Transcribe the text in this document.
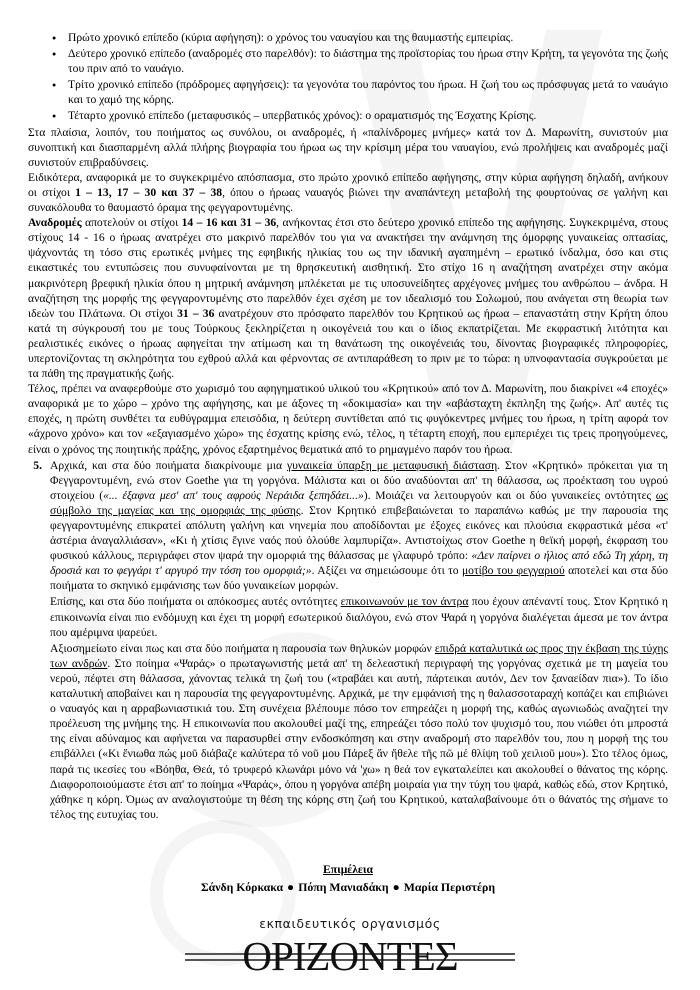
● Πρώτο χρονικό επίπεδο (κύρια αφήγηση): ο χρόνος του ναυαγίου και της θαυμαστής εμπειρίας.
● Δεύτερο χρονικό επίπεδο (αναδρομές στο παρελθόν): το διάστημα της προϊστορίας του ήρωα στην Κρήτη, τα γεγονότα της ζωής του πριν από το ναυάγιο.
● Τρίτο χρονικό επίπεδο (πρόδρομες αφηγήσεις): τα γεγονότα του παρόντος του ήρωα. Η ζωή του ως πρόσφυγας μετά το ναυάγιο και το χαμό της κόρης.
● Τέταρτο χρονικό επίπεδο (μεταφυσικός – υπερβατικός χρόνος): ο οραματισμός της Έσχατης Κρίσης.

Στα πλαίσια, λοιπόν, του ποιήματος ως συνόλου, οι αναδρομές, ή «παλίνδρομες μνήμες» κατά τον Δ. Μαρωνίτη, συνιστούν μια συνοπτική και διασπαρμένη αλλά πλήρης βιογραφία του ήρωα ως την κρίσιμη μέρα του ναυαγίου, ενώ προλήψεις και αναδρομές μαζί συνιστούν επιβραδύνσεις.

Ειδικότερα, αναφορικά με το συγκεκριμένο απόσπασμα, στο πρώτο χρονικό επίπεδο αφήγησης, στην κύρια αφήγηση δηλαδή, ανήκουν οι στίχοι 1 – 13, 17 – 30 και 37 – 38, όπου ο ήρωας ναυαγός βιώνει την αναπάντεχη μεταβολή της φουρτούνας σε γαλήνη και συνακόλουθα το θαυμαστό όραμα της φεγγαροντυμένης.

Αναδρομές αποτελούν οι στίχοι 14 – 16 και 31 – 36, ανήκοντας έτσι στο δεύτερο χρονικό επίπεδο της αφήγησης. Συγκεκριμένα, στους στίχους 14 - 16 ο ήρωας ανατρέχει στο μακρινό παρελθόν του για να ανακτήσει την ανάμνηση της όμορφης γυναικείας οπτασίας, ψάχνοντάς τη τόσο στις ερωτικές μνήμες της εφηβικής ηλικίας του ως την ιδανική αγαπημένη – ερωτικό ίνδαλμα, όσο και στις εικαστικές του εντυπώσεις που συνυφαίνονται με τη θρησκευτική αισθητική. Στο στίχο 16 η αναζήτηση ανατρέχει στην ακόμα μακρινότερη βρεφική ηλικία όπου η μητρική ανάμνηση μπλέκεται με τις υποσυνείδητες αρχέγονες μνήμες του ανθρώπου – άνδρα. Η αναζήτηση της μορφής της φεγγαροντυμένης στο παρελθόν έχει σχέση με τον ιδεαλισμό του Σολωμού, που ανάγεται στη θεωρία των ιδεών του Πλάτωνα. Οι στίχοι 31 – 36 ανατρέχουν στο πρόσφατο παρελθόν του Κρητικού ως ήρωα – επαναστάτη στην Κρήτη όπου κατά τη σύγκρουσή του με τους Τούρκους ξεκληρίζεται η οικογένειά του και ο ίδιος εκπατρίζεται. Με εκφραστική λιτότητα και ρεαλιστικές εικόνες ο ήρωας αφηγείται την ατίμωση και τη θανάτωση της οικογένειάς του, δίνοντας βιογραφικές πληροφορίες, υπερτονίζοντας τη σκληρότητα του εχθρού αλλά και φέρνοντας σε αντιπαράθεση το πριν με το τώρα: η υπνοφαντασία συγκρούεται με τα πάθη της πραγματικής ζωής.

Τέλος, πρέπει να αναφερθούμε στο χωρισμό του αφηγηματικού υλικού του «Κρητικού» από τον Δ. Μαρωνίτη, που διακρίνει «4 εποχές» αναφορικά με το χώρο – χρόνο της αφήγησης, και με άξονες τη «δοκιμασία» και την «αβάσταχτη έκπληξη της ζωής». Απ' αυτές τις εποχές, η πρώτη συνθέτει τα ευθύγραμμα επεισόδια, η δεύτερη συντίθεται από τις φυγόκεντρες μνήμες του ήρωα, η τρίτη αφορά τον «άχρονο χρόνο» και τον «εξαγιασμένο χώρο» της έσχατης κρίσης ενώ, τέλος, η τέταρτη εποχή, που εμπεριέχει τις τρεις προηγούμενες, είναι ο χρόνος της ποιητικής πράξης, χρόνος εξαρτημένος θεματικά από το ρημαγμένο παρόν του ήρωα.

5. Αρχικά, και στα δύο ποιήματα διακρίνουμε μια γυναικεία ύπαρξη με μεταφυσική διάσταση. Στον «Κρητικό» πρόκειται για τη Φεγγαροντυμένη, ενώ στον Goethe για τη γοργόνα. Μάλιστα και οι δύο αναδύονται απ' τη θάλασσα, ως προέκταση του υγρού στοιχείου («... έξαφνα μεσ' απ' τους αφρούς Νεράιδα ξεπηδάει...»). Μοιάζει να λειτουργούν και οι δύο γυναικείες οντότητες ως σύμβολο της μαγείας και της ομορφιάς της φύσης. Στον Κρητικό επιβεβαιώνεται το παραπάνω καθώς με την παρουσία της φεγγαροντυμένης επικρατεί απόλυτη γαλήνη και νηνεμία που αποδίδονται με έξοχες εικόνες και πλούσια εκφραστικά μέσα «τ' ἀστέρια ἀναγαλλιάσαν», «Κι ἡ χτίσις ἔγινε ναός πού ὁλούθε λαμπυρίζα». Αντιστοίχως στον Goethe η θεϊκή μορφή, έκφραση του φυσικού κάλλους, περιγράφει στον ψαρά την ομορφιά της θάλασσας με γλαφυρό τρόπο: «Δεν παίρνει ο ήλιος από εδώ Τη χάρη, τη δροσιά και το φεγγάρι τ' αργυρό την τόση του ομορφιά;». Αξίζει να σημειώσουμε ότι το μοτίβο του φεγγαριού αποτελεί και στα δύο ποιήματα το σκηνικό εμφάνισης των δύο γυναικείων μορφών.
Επίσης, και στα δύο ποιήματα οι απόκοσμες αυτές οντότητες επικοινωνούν με τον άντρα που έχουν απέναντί τους. Στον Κρητικό η επικοινωνία είναι πιο ενδόμυχη και έχει τη μορφή εσωτερικού διαλόγου, ενώ στον Ψαρά η γοργόνα διαλέγεται άμεσα με τον άντρα που αμέριμνα ψαρεύει.
Αξιοσημείωτο είναι πως και στα δύο ποιήματα η παρουσία των θηλυκών μορφών επιδρά καταλυτικά ως προς την έκβαση της τύχης των ανδρών. Στο ποίημα «Ψαράς» ο πρωταγωνιστής μετά απ' τη δελεαστική περιγραφή της γοργόνας σχετικά με τη μαγεία του νερού, πέφτει στη θάλασσα, χάνοντας τελικά τη ζωή του («τραβάει και αυτή, πάρτεικαι αυτόν, Δεν τον ξαναείδαν πια»). Το ίδιο καταλυτική αποβαίνει και η παρουσία της φεγγαροντυμένης. Αρχικά, με την εμφάνισή της η θαλασσοταραχή κοπάζει και επιβιώνει ο ναυαγός και η αρραβωνιαστικιά του. Στη συνέχεια βλέπουμε πόσο τον επηρεάζει η μορφή της, καθώς αγωνιωδώς αναζητεί την προέλευση της μνήμης της. Η επικοινωνία που ακολουθεί μαζί της, επηρεάζει τόσο πολύ τον ψυχισμό του, που νιώθει ότι μπροστά της είναι αδύναμος και αφήνεται να παρασυρθεί στην ενδοσκόπηση και στην αναδρομή στο παρελθόν του, που η μορφή της του επιβάλλει («Κι ἔνιωθα πώς μοῦ διάβαζε καλύτερα τό νοῦ μου Πάρεξ ἄν ἤθελε τῆς πῶ μέ θλίψη τοῦ χειλιοῦ μου»). Στο τέλος όμως, παρά τις ικεσίες του «Βόηθα, Θεά, τό τρυφερό κλωνάρι μόνο νά 'χω» η θεά τον εγκαταλείπει και ακολουθεί ο θάνατος της κόρης. Διαφοροποιούμαστε έτσι απ' το ποίημα «Ψαράς», όπου η γοργόνα απέβη μοιραία για την τύχη του ψαρά, καθώς εδώ, στον Κρητικό, χάθηκε η κόρη. Όμως αν αναλογιστούμε τη θέση της κόρης στη ζωή του Κρητικού, καταλαβαίνουμε ότι ο θάνατός της σήμανε το τέλος της ευτυχίας του.
Επιμέλεια
Σάνδη Κόρκακα ● Πόπη Μανιαδάκη ● Μαρία Περιστέρη
εκπαιδευτικός οργανισμός
ΟΡΙΖΟΝΤΕΣ
